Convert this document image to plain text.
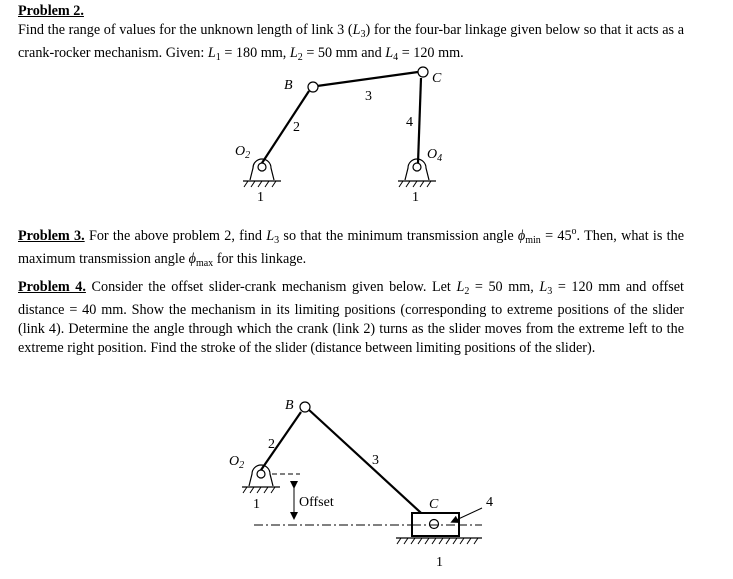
Problem 2.
Find the range of values for the unknown length of link 3 $(L_3)$ for the four-bar linkage given below so that it acts as a crank-rocker mechanism. Given: $L_1 = 180$ mm, $L_2 = 50$ mm and $L_4 = 120$ mm.
Problem 3. For the above problem 2, find $L_3$ so that the minimum transmission angle $\phi_{min} = 45^o$. Then, what is the maximum transmission angle $\phi_{max}$ for this linkage.
Problem 4. Consider the offset slider-crank mechanism given below. Let $L_2 = 50$ mm, $L_3 = 120$ mm and offset distance = 40 mm. Show the mechanism in its limiting positions (corresponding to extreme positions of the slider (link 4). Determine the angle through which the crank (link 2) turns as the slider moves from the extreme left to the extreme right position. Find the stroke of the slider (distance between limiting positions of the slider).
B	C
3
2	4
$O_2$	$O_4$
1	1
B
2
3
$O_2$
1	Offset	C	4
1
